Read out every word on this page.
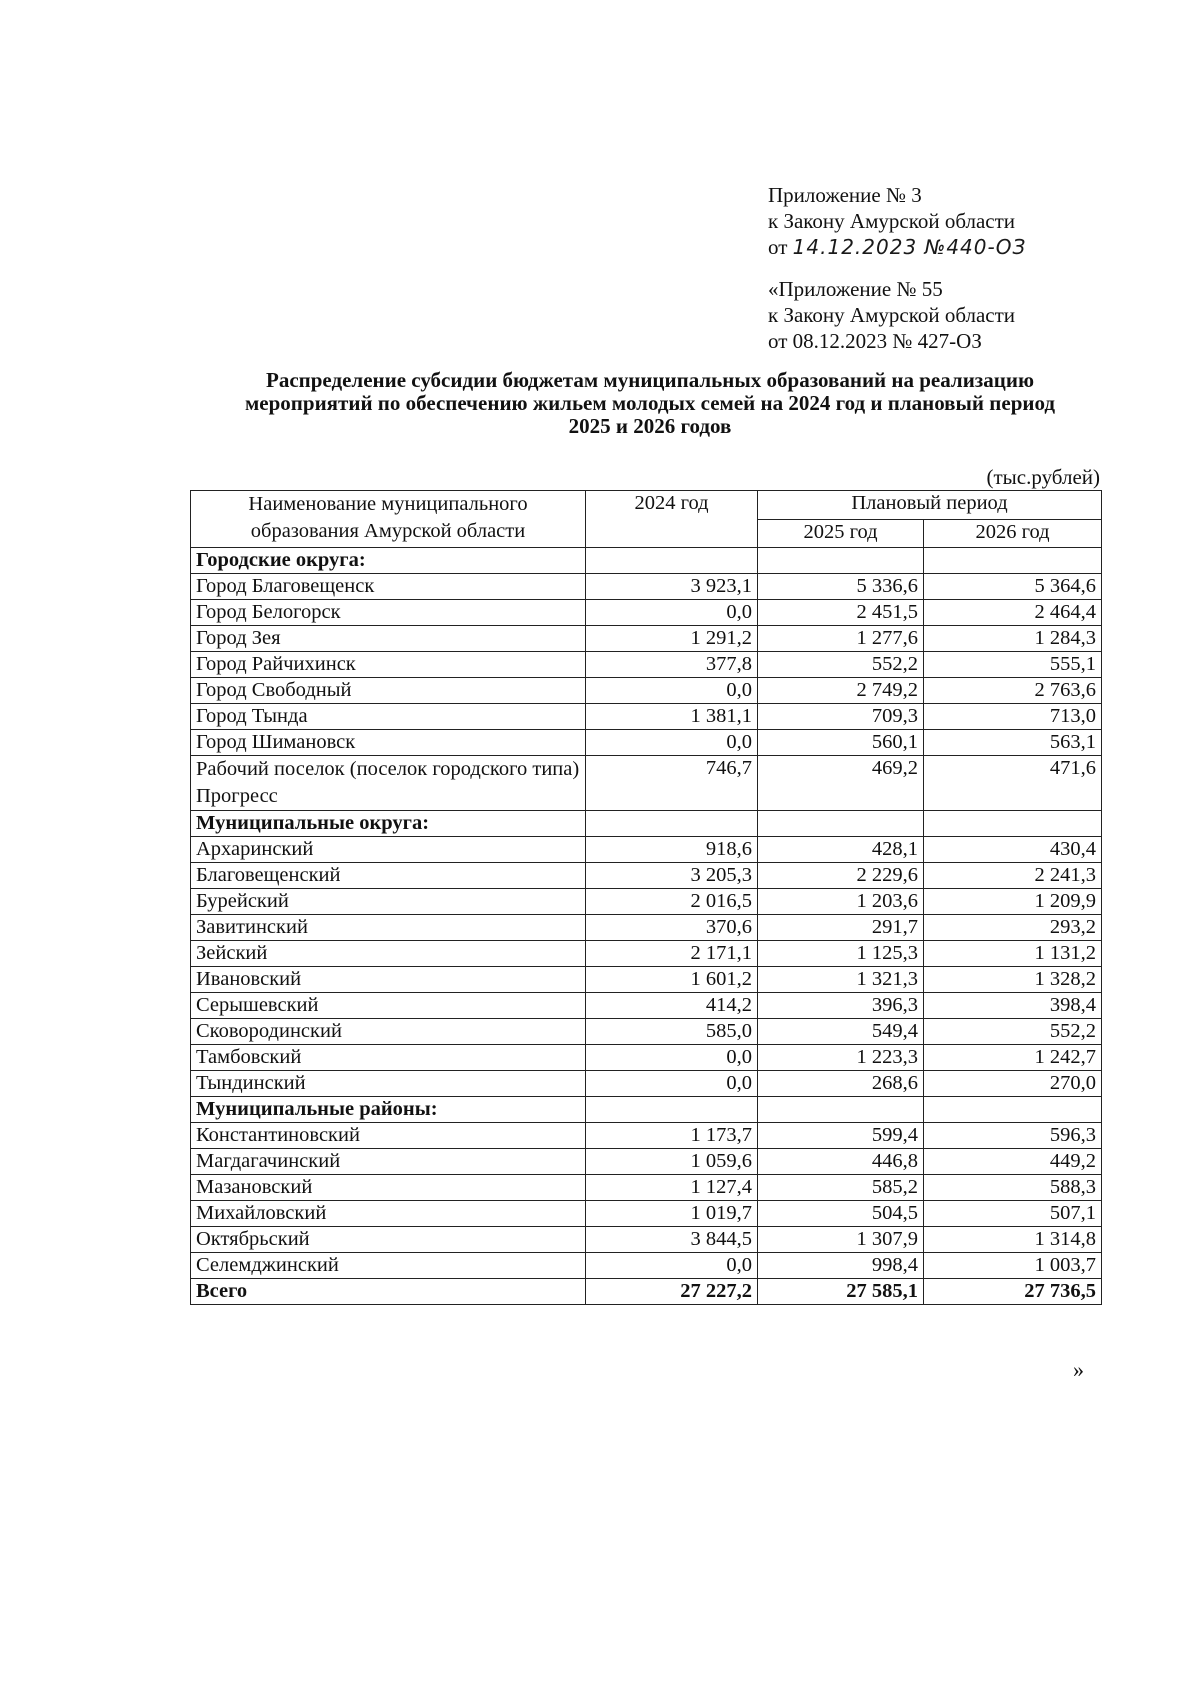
Приложение № 3
к Закону Амурской области
от 14.12.2023 №440-ОЗ
«Приложение № 55
к Закону Амурской области
от 08.12.2023 № 427-ОЗ
Распределение субсидии бюджетам муниципальных образований на реализацию
мероприятий по обеспечению жильем молодых семей на 2024 год и плановый период
2025 и 2026 годов
(тыс.рублей)
Наименование муниципального образования Амурской области	2024 год	Плановый период	
		2025 год	2026 год
Городские округа:			
Город Благовещенск	3 923,1	5 336,6	5 364,6
Город Белогорск	0,0	2 451,5	2 464,4
Город Зея	1 291,2	1 277,6	1 284,3
Город Райчихинск	377,8	552,2	555,1
Город Свободный	0,0	2 749,2	2 763,6
Город Тында	1 381,1	709,3	713,0
Город Шимановск	0,0	560,1	563,1
Рабочий поселок (поселок городского типа) Прогресс	746,7	469,2	471,6
Муниципальные округа:			
Архаринский	918,6	428,1	430,4
Благовещенский	3 205,3	2 229,6	2 241,3
Бурейский	2 016,5	1 203,6	1 209,9
Завитинский	370,6	291,7	293,2
Зейский	2 171,1	1 125,3	1 131,2
Ивановский	1 601,2	1 321,3	1 328,2
Серышевский	414,2	396,3	398,4
Сковородинский	585,0	549,4	552,2
Тамбовский	0,0	1 223,3	1 242,7
Тындинский	0,0	268,6	270,0
Муниципальные районы:			
Константиновский	1 173,7	599,4	596,3
Магдагачинский	1 059,6	446,8	449,2
Мазановский	1 127,4	585,2	588,3
Михайловский	1 019,7	504,5	507,1
Октябрьский	3 844,5	1 307,9	1 314,8
Селемджинский	0,0	998,4	1 003,7
Всего	27 227,2	27 585,1	27 736,5
»
